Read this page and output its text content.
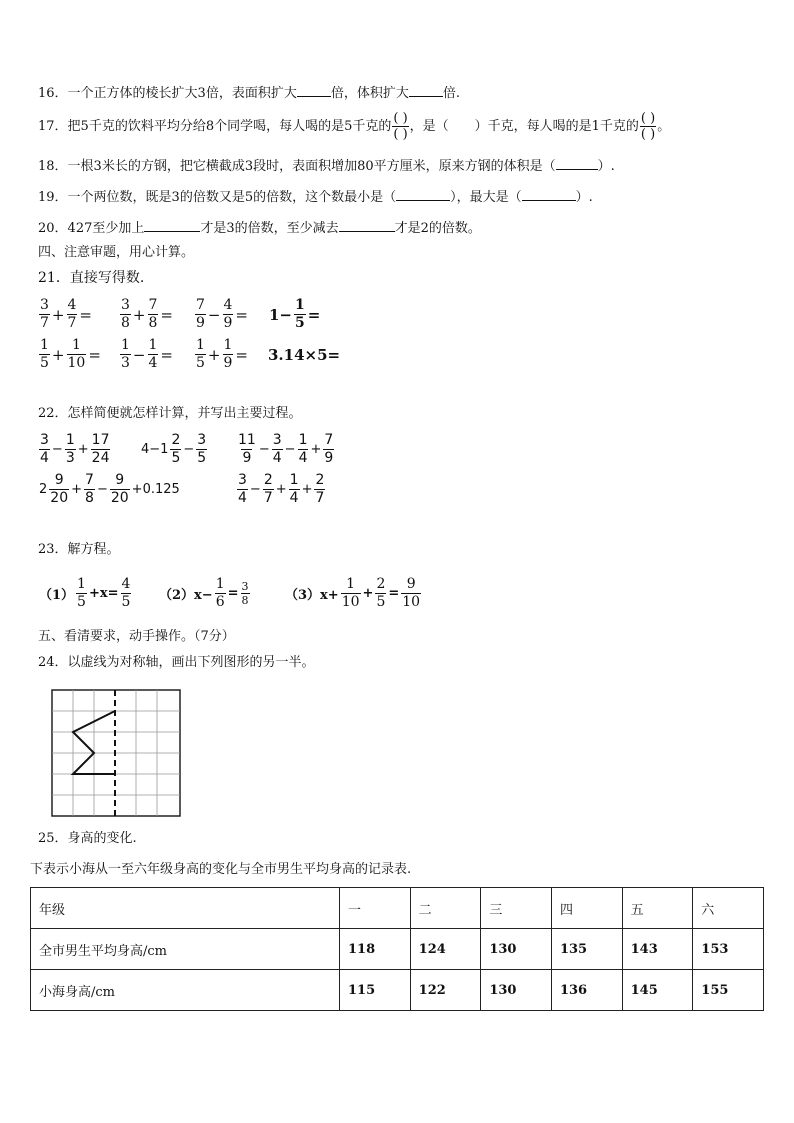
16．一个正方体的棱长扩大3倍，表面积扩大	倍，体积扩大	倍.
17．把5千克的饮料平均分给8个同学喝，每人喝的是5千克的 $\frac{( )}{( )}$ ，是（　　）千克，每人喝的是1千克的 $\frac{( )}{( )}$ 。
18．一根3米长的方钢，把它横截成3段时，表面积增加80平方厘米，原来方钢的体积是（	）.
19．一个两位数，既是3的倍数又是5的倍数，这个数最小是（	），最大是（	）.
20．427至少加上	才是3的倍数，至少减去	才是2的倍数。
四、注意审题，用心计算。
21．直接写得数.
3
$7 + \frac{4}{7}$ =
3
$8 + \frac{7}{8}$ =
7
$9 - \frac{4}{9} = 1- \frac{1}{5}$ =
1
$5 + \frac{1}{10}$ =
1
$3 - \frac{1}{4}$ =
1
$5 + \frac{1}{9} = 3.14\times 5=$
22．怎样简便就怎样计算，并写出主要过程。
3
4
− $\frac{1}{3} + \frac{17}{24} 4-1$
2
5
− $\frac{3}{5} 11$
9
− $\frac{3}{4} - \frac{1}{4} + \frac{7}{9}$
2
9
20
+ $\frac{7}{8} - \frac{9}{20} +0.125$
3
4
− $\frac{2}{7} + \frac{1}{4} + \frac{2}{7}$
23．解方程。
（1）
1
5
$+x= \frac{4}{5} (2)x- \frac{1}{6} = \frac{3}{8}$	$(3)x+ \frac{1}{10} + \frac{2}{5} = \frac{9}{10}$
五、看清要求，动手操作。（7分）
24．以虚线为对称轴，画出下列图形的另一半。
25．身高的变化.
下表示小海从一至六年级身高的变化与全市男生平均身高的记录表.
年级	一	二	三	四	五	六
全市男生平均身高/cm	118	124	130	135	143	153
小海身高/cm	115	122	130	136	145	155
